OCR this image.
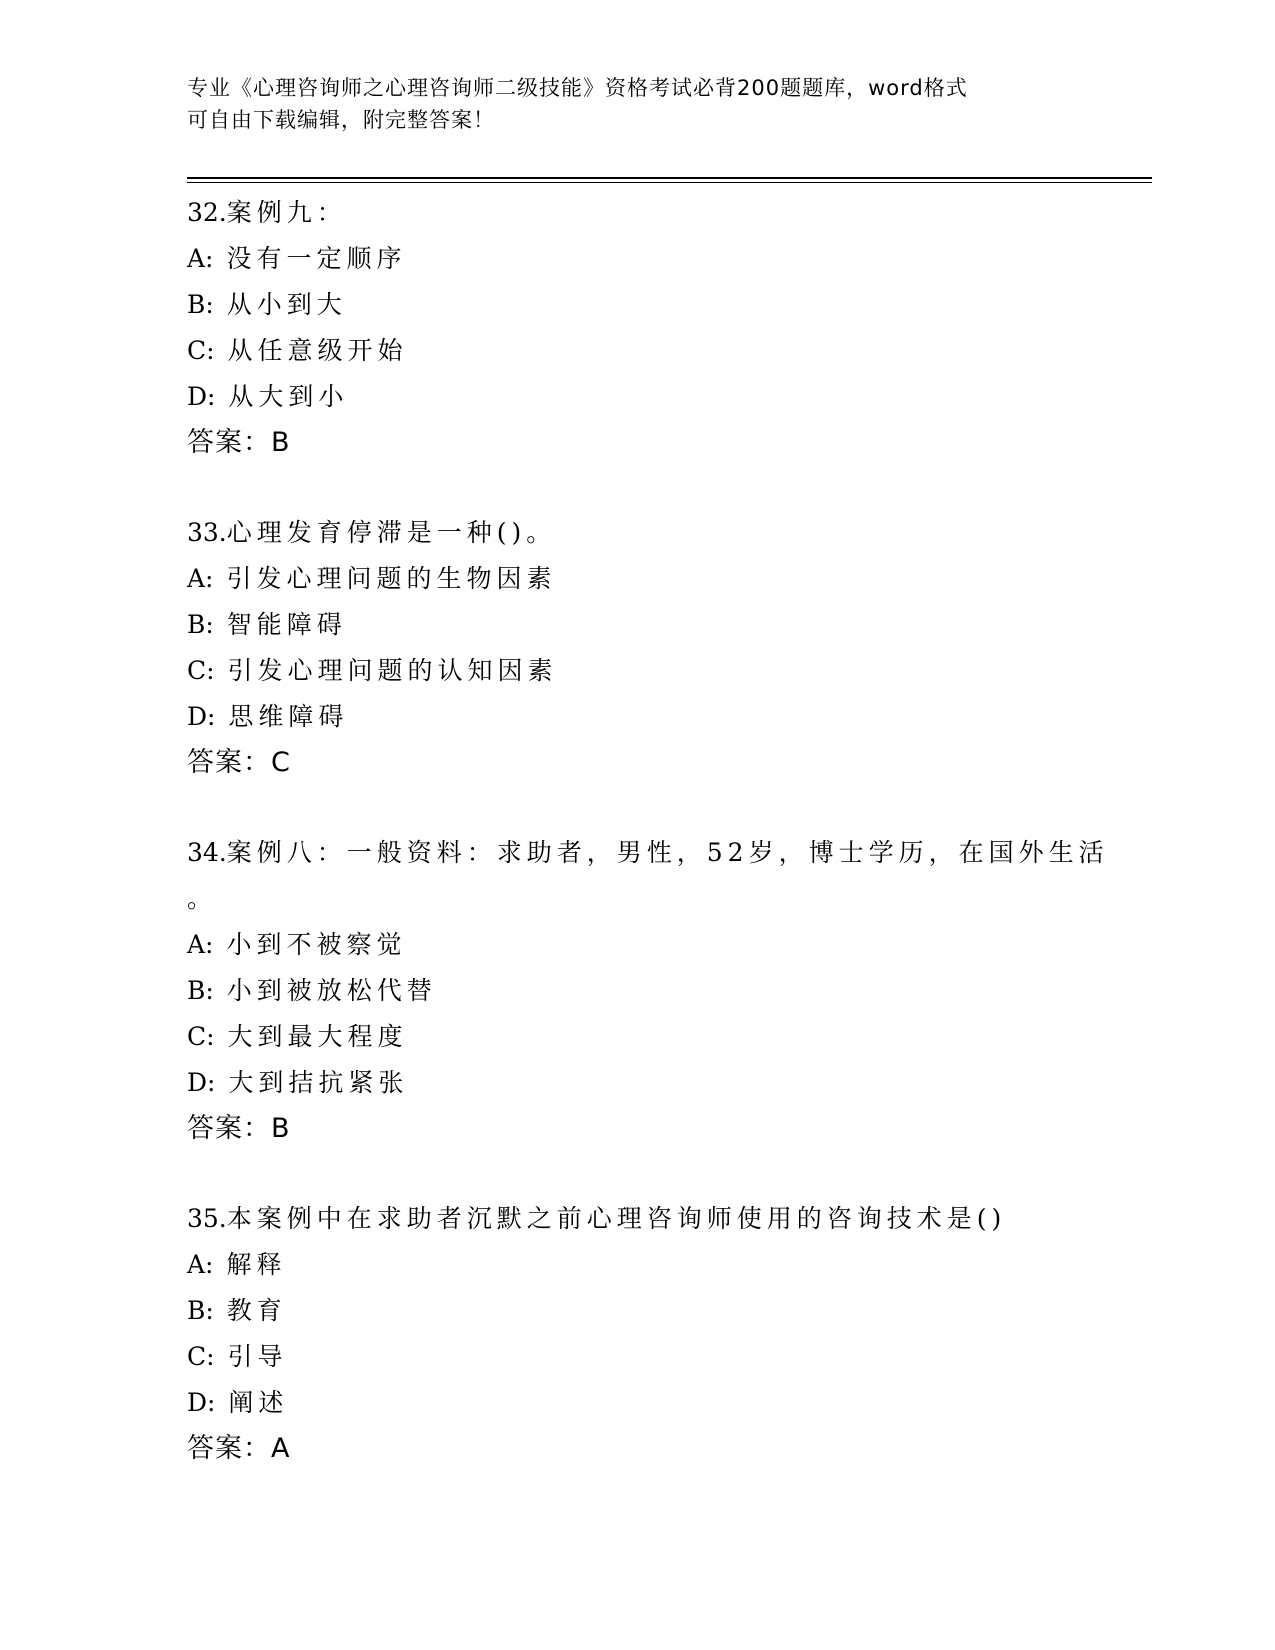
专业《心理咨询师之心理咨询师二级技能》资格考试必背200题题库，word格式
可自由下载编辑，附完整答案！
32.案例九：
A: 没有一定顺序
B: 从小到大
C: 从任意级开始
D: 从大到小
答案：B
33.心理发育停滞是一种()。
A: 引发心理问题的生物因素
B: 智能障碍
C: 引发心理问题的认知因素
D: 思维障碍
答案：C
34.案例八：一般资料：求助者，男性，52岁，博士学历，在国外生活
。
A: 小到不被察觉
B: 小到被放松代替
C: 大到最大程度
D: 大到拮抗紧张
答案：B
35.本案例中在求助者沉默之前心理咨询师使用的咨询技术是()
A: 解释
B: 教育
C: 引导
D: 阐述
答案：A
